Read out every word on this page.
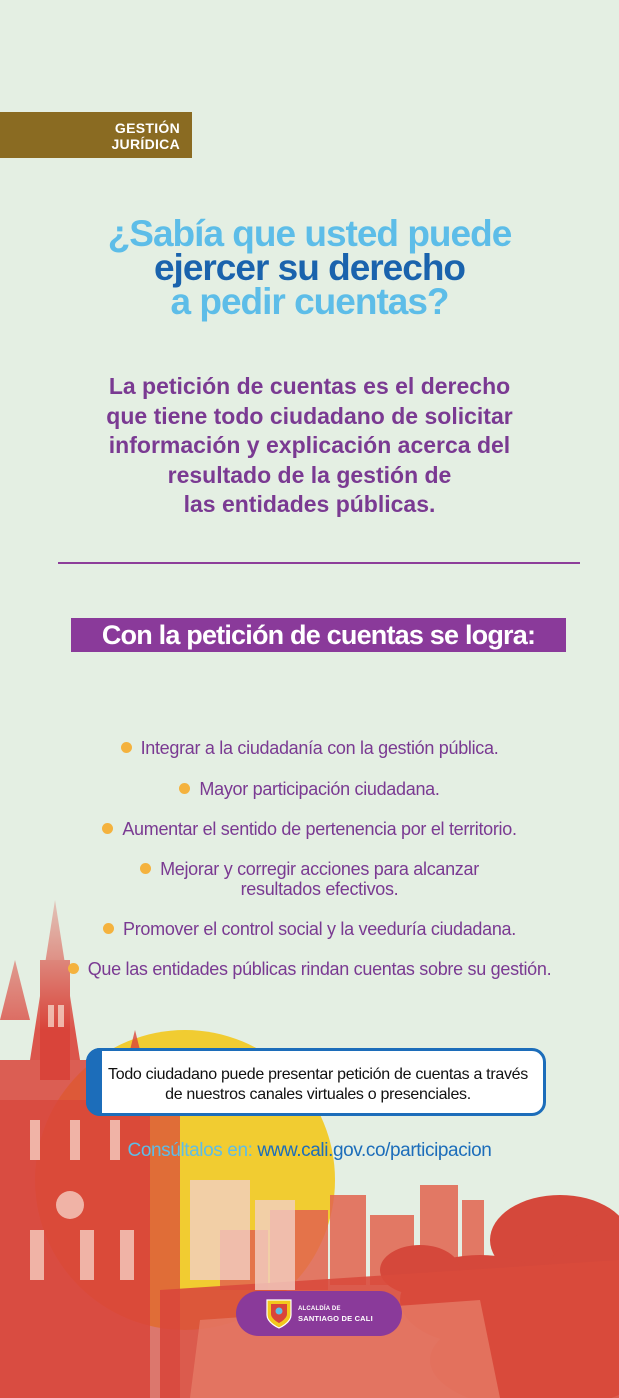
GESTIÓN
JURÍDICA
¿Sabía que usted puede
ejercer su derecho
a pedir cuentas?
La petición de cuentas es el derecho
que tiene todo ciudadano de solicitar
información y explicación acerca del
resultado de la gestión de
las entidades públicas.
Con la petición de cuentas se logra:
Integrar a la ciudadanía con la gestión pública.
Mayor participación ciudadana.
Aumentar el sentido de pertenencia por el territorio.
Mejorar y corregir acciones para alcanzar
resultados efectivos.
Promover el control social y la veeduría ciudadana.
Que las entidades públicas rindan cuentas sobre su gestión.
Todo ciudadano puede presentar petición de cuentas a través de nuestros canales virtuales o presenciales.
Consúltalos en: www.cali.gov.co/participacion
ALCALDÍA DE
SANTIAGO DE CALI
